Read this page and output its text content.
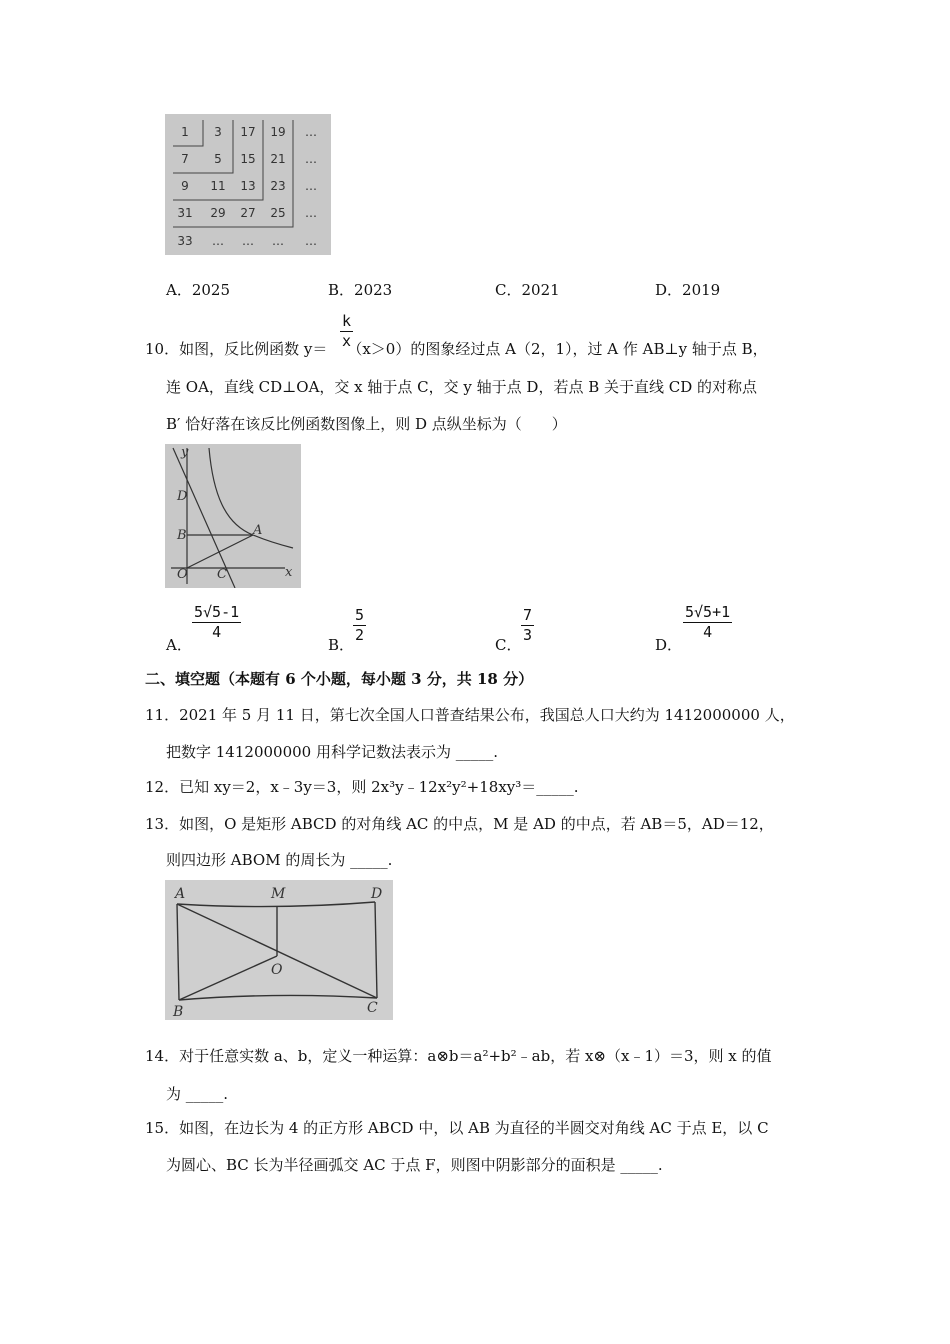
1 3 17 19 …
7 5 15 21 …
9 11 13 23 …
31 29 27 25 …
33 … … … …
A．2025	B．2023	C．2021	D．2019
$\frac{k}{x}$
10．如图，反比例函数 y＝ （x＞0）的图象经过点 A（2，1），过 A 作 AB⊥y 轴于点 B，
连 OA，直线 CD⊥OA，交 x 轴于点 C，交 y 轴于点 D，若点 B 关于直线 CD 的对称点
B′ 恰好落在该反比例函数图像上，则 D 点纵坐标为（　　）
y
D
B	A
O C	x
A．
$\frac{5√5-1}{4}$
B．
$\frac{5}{2}$	C． $\frac{7}{3}$	D．
$\frac{5√5+1}{4}$
二、填空题（本题有 6 个小题，每小题 3 分，共 18 分）
11．2021 年 5 月 11 日，第七次全国人口普查结果公布，我国总人口大约为 1412000000 人，
把数字 1412000000 用科学记数法表示为 _____.
12．已知 xy＝2，x﹣3y＝3，则 2x³y﹣12x²y²+18xy³＝_____.
13．如图，O 是矩形 ABCD 的对角线 AC 的中点，M 是 AD 的中点，若 AB＝5，AD＝12，
则四边形 ABOM 的周长为 _____.
A	M	D
O
B	C
14．对于任意实数 a、b，定义一种运算：a⊗b＝a²+b²﹣ab，若 x⊗（x﹣1）＝3，则 x 的值
为 _____.
15．如图，在边长为 4 的正方形 ABCD 中，以 AB 为直径的半圆交对角线 AC 于点 E，以 C
为圆心、BC 长为半径画弧交 AC 于点 F，则图中阴影部分的面积是 _____.
